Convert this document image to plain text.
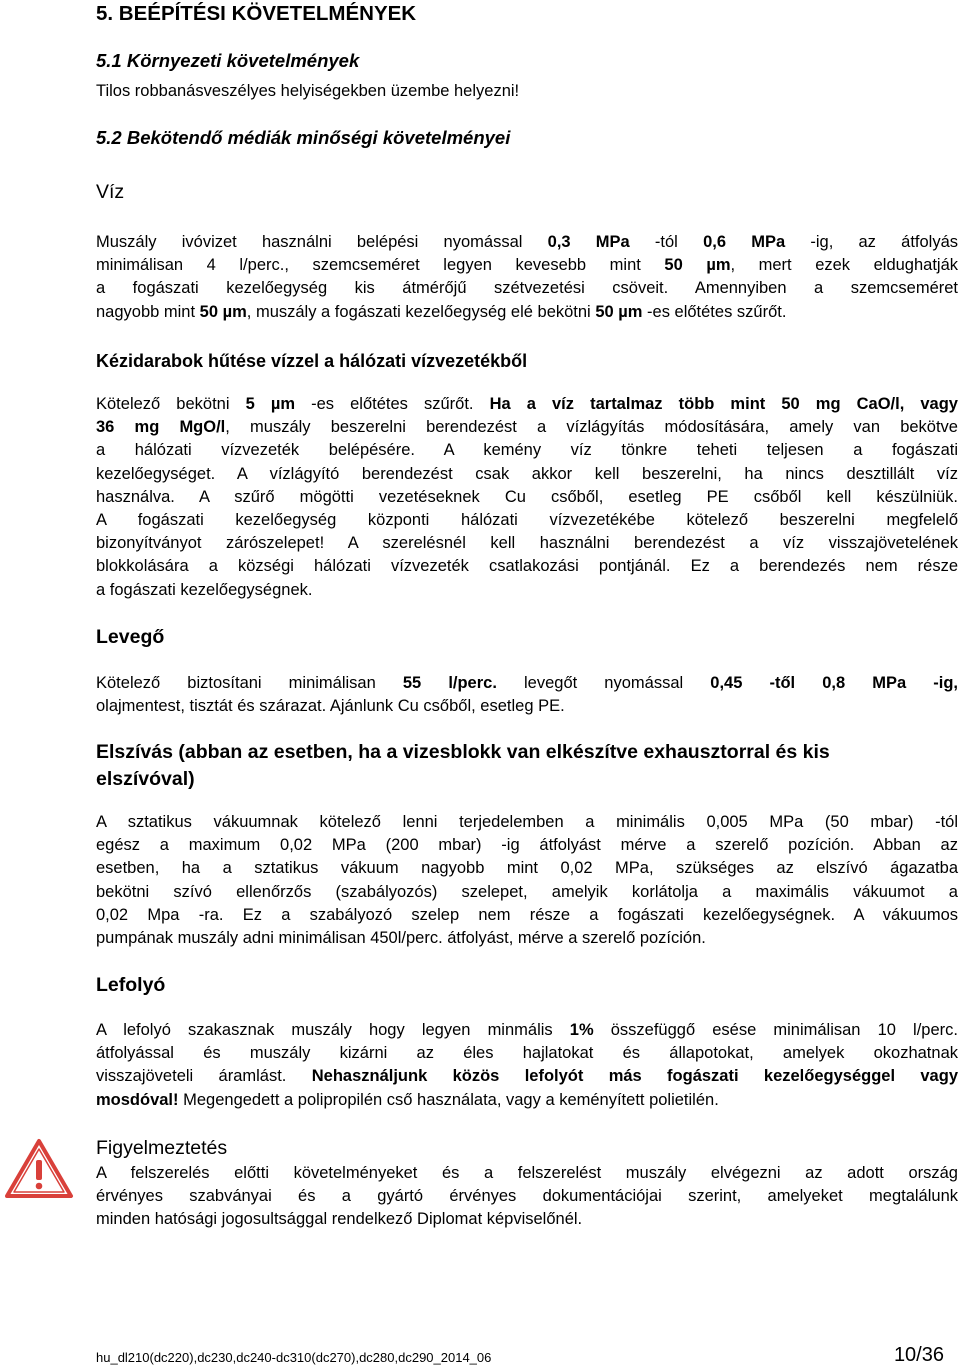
5. BEÉPÍTÉSI KÖVETELMÉNYEK
5.1 Környezeti követelmények
Tilos robbanásveszélyes helyiségekben üzembe helyezni!
5.2 Bekötendő médiák minőségi követelményei
Víz
Muszály ivóvizet használni belépési nyomással 0,3 MPa -tól 0,6 MPa -ig, az átfolyás
minimálisan 4 l/perc., szemcseméret legyen kevesebb mint 50 µm, mert ezek eldughatják
a fogászati kezelőegység kis átmérőjű szétvezetési csöveit. Amennyiben a szemcseméret
nagyobb mint 50 µm, muszály a fogászati kezelőegység elé bekötni 50 µm -es előtétes szűrőt.
Kézidarabok hűtése vízzel a hálózati vízvezetékből
Kötelező bekötni 5 µm -es előtétes szűrőt. Ha a víz tartalmaz több mint 50 mg CaO/l, vagy
36 mg MgO/l, muszály beszerelni berendezést a vízlágyítás módosítására, amely van bekötve
a hálózati vízvezeték belépésére. A kemény víz tönkre teheti teljesen a fogászati
kezelőegységet. A vízlágyító berendezést csak akkor kell beszerelni, ha nincs desztillált víz
használva. A szűrő mögötti vezetéseknek Cu csőből, esetleg PE csőből kell készülniük.
A fogászati kezelőegység központi hálózati vízvezetékébe kötelező beszerelni megfelelő
bizonyítványot zárószelepet! A szerelésnél kell használni berendezést a víz visszajövetelének
blokkolására a községi hálózati vízvezeték csatlakozási pontjánál. Ez a berendezés nem része
a fogászati kezelőegységnek.
Levegő
Kötelező biztosítani minimálisan 55 l/perc. levegőt nyomással 0,45 -től 0,8 MPa -ig,
olajmentest, tisztát és szárazat. Ajánlunk Cu csőből, esetleg PE.
Elszívás (abban az esetben, ha a vizesblokk van elkészítve exhausztorral és kis
elszívóval)
A sztatikus vákuumnak kötelező lenni terjedelemben a minimális 0,005 MPa (50 mbar) -tól
egész a maximum 0,02 MPa (200 mbar) -ig átfolyást mérve a szerelő pozíción. Abban az
esetben, ha a sztatikus vákuum nagyobb mint 0,02 MPa, szükséges az elszívó ágazatba
bekötni szívó ellenőrzős (szabályozós) szelepet, amelyik korlátolja a maximális vákuumot a
0,02 Mpa -ra. Ez a szabályozó szelep nem része a fogászati kezelőegységnek. A vákuumos
pumpának muszály adni minimálisan 450l/perc. átfolyást, mérve a szerelő pozíción.
Lefolyó
A lefolyó szakasznak muszály hogy legyen minmális 1% összefüggő esése minimálisan 10 l/perc.
átfolyással és muszály kizárni az éles hajlatokat és állapotokat, amelyek okozhatnak
visszajöveteli áramlást. Nehasználjunk közös lefolyót más fogászati kezelőegységgel vagy
mosdóval! Megengedett a polipropilén cső használata, vagy a keményített polietilén.
Figyelmeztetés
A felszerelés előtti követelményeket és a felszerelést muszály elvégezni az adott ország
érvényes szabványai és a gyártó érvényes dokumentációjai szerint, amelyeket megtalálunk
minden hatósági jogosultsággal rendelkező Diplomat képviselőnél.
hu_dl210(dc220),dc230,dc240-dc310(dc270),dc280,dc290_2014_06	10/36
